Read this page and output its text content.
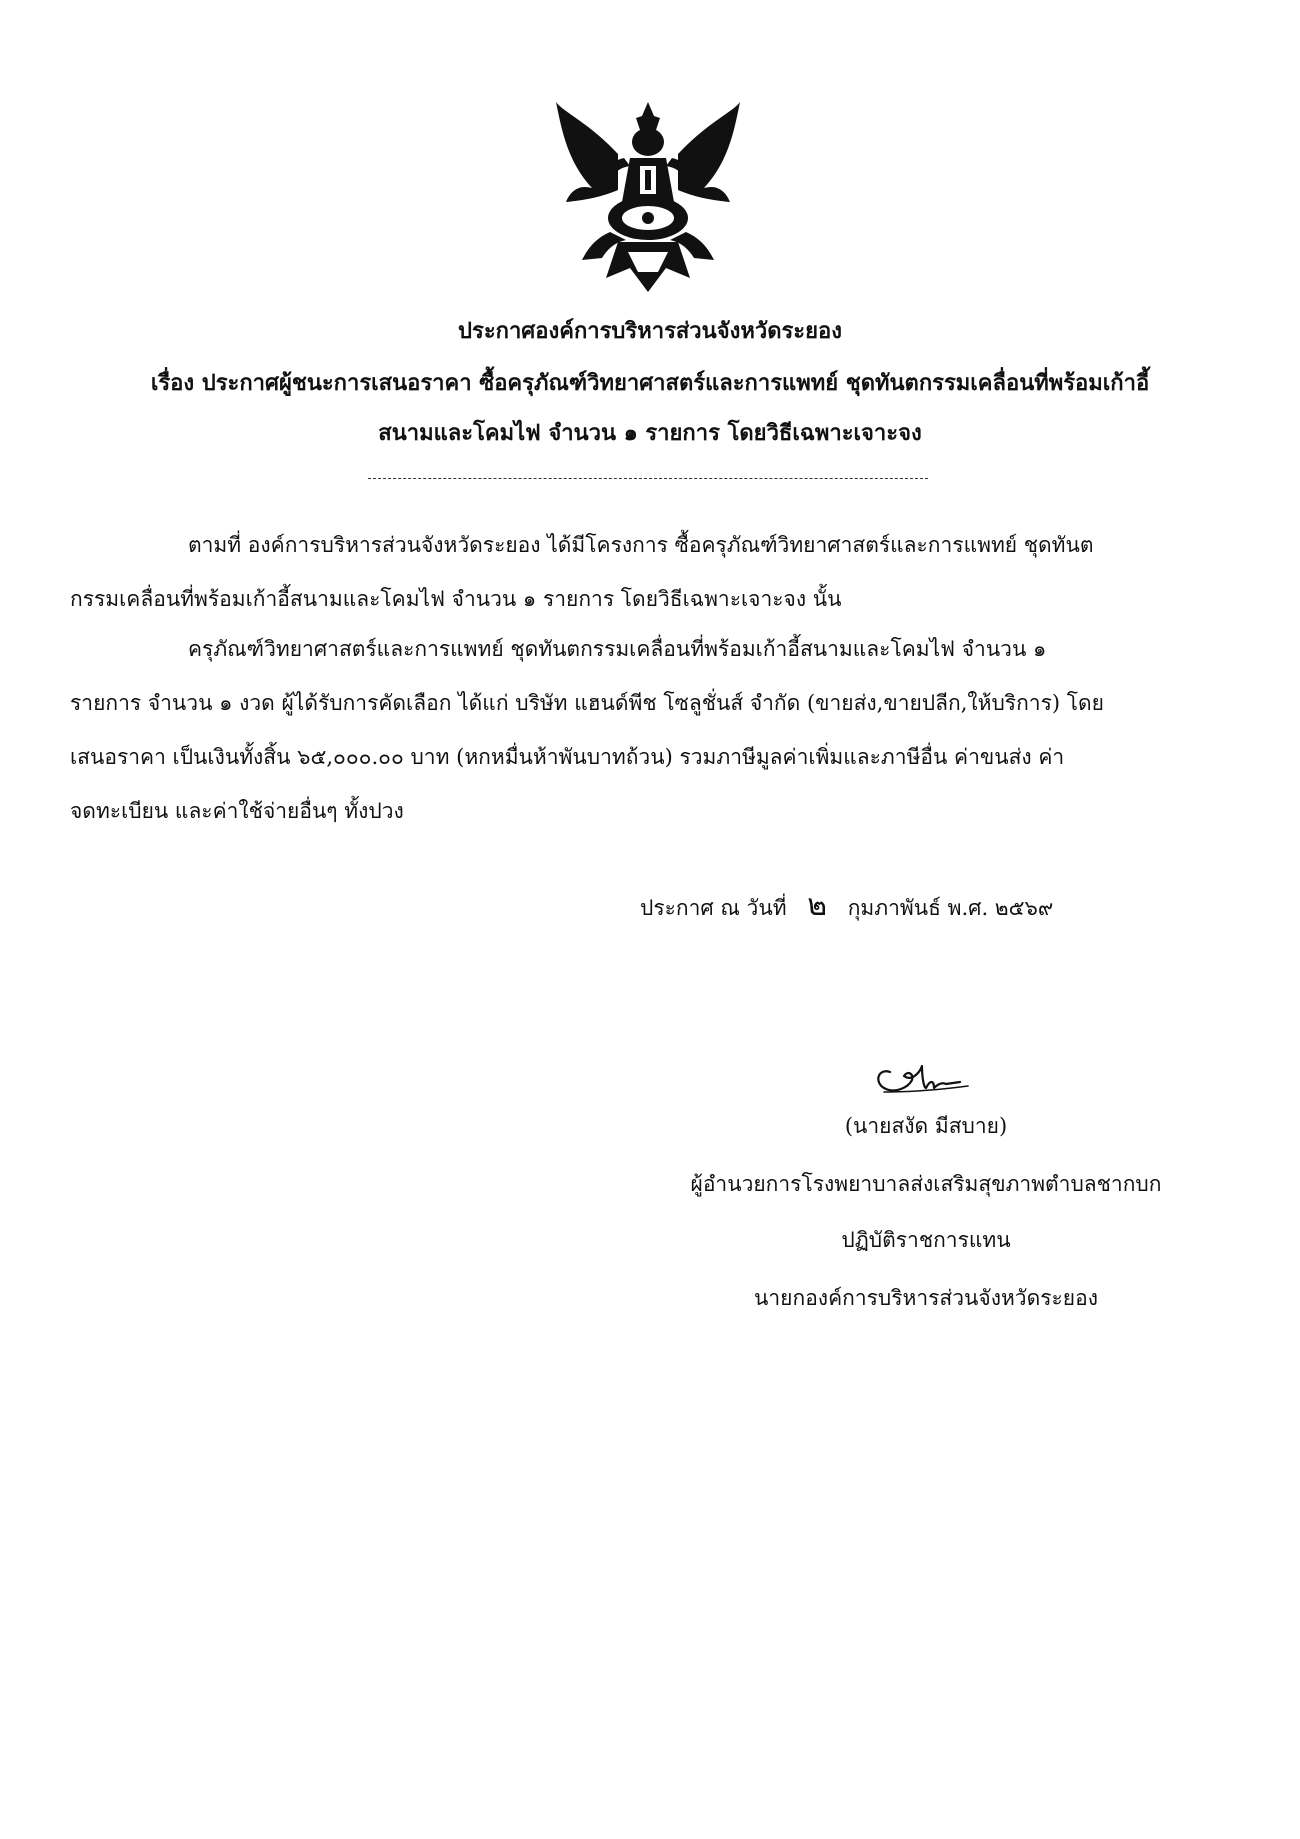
ประกาศองค์การบริหารส่วนจังหวัดระยอง
เรื่อง ประกาศผู้ชนะการเสนอราคา ซื้อครุภัณฑ์วิทยาศาสตร์และการแพทย์ ชุดทันตกรรมเคลื่อนที่พร้อมเก้าอี้
สนามและโคมไฟ จำนวน ๑ รายการ โดยวิธีเฉพาะเจาะจง

ตามที่ องค์การบริหารส่วนจังหวัดระยอง ได้มีโครงการ ซื้อครุภัณฑ์วิทยาศาสตร์และการแพทย์ ชุดทันต

กรรมเคลื่อนที่พร้อมเก้าอี้สนามและโคมไฟ จำนวน ๑ รายการ โดยวิธีเฉพาะเจาะจง นั้น

ครุภัณฑ์วิทยาศาสตร์และการแพทย์ ชุดทันตกรรมเคลื่อนที่พร้อมเก้าอี้สนามและโคมไฟ จำนวน ๑

รายการ จำนวน ๑ งวด ผู้ได้รับการคัดเลือก ได้แก่ บริษัท แฮนด์พีช โซลูชั่นส์ จำกัด (ขายส่ง,ขายปลีก,ให้บริการ) โดย

เสนอราคา เป็นเงินทั้งสิ้น ๖๕,๐๐๐.๐๐ บาท (หกหมื่นห้าพันบาทถ้วน) รวมภาษีมูลค่าเพิ่มและภาษีอื่น ค่าขนส่ง ค่า

จดทะเบียน และค่าใช้จ่ายอื่นๆ ทั้งปวง

ประกาศ ณ วันที่ ๒ กุมภาพันธ์ พ.ศ. ๒๕๖๙
(นายสงัด มีสบาย)
ผู้อำนวยการโรงพยาบาลส่งเสริมสุขภาพตำบลชากบก
ปฏิบัติราชการแทน
นายกองค์การบริหารส่วนจังหวัดระยอง
